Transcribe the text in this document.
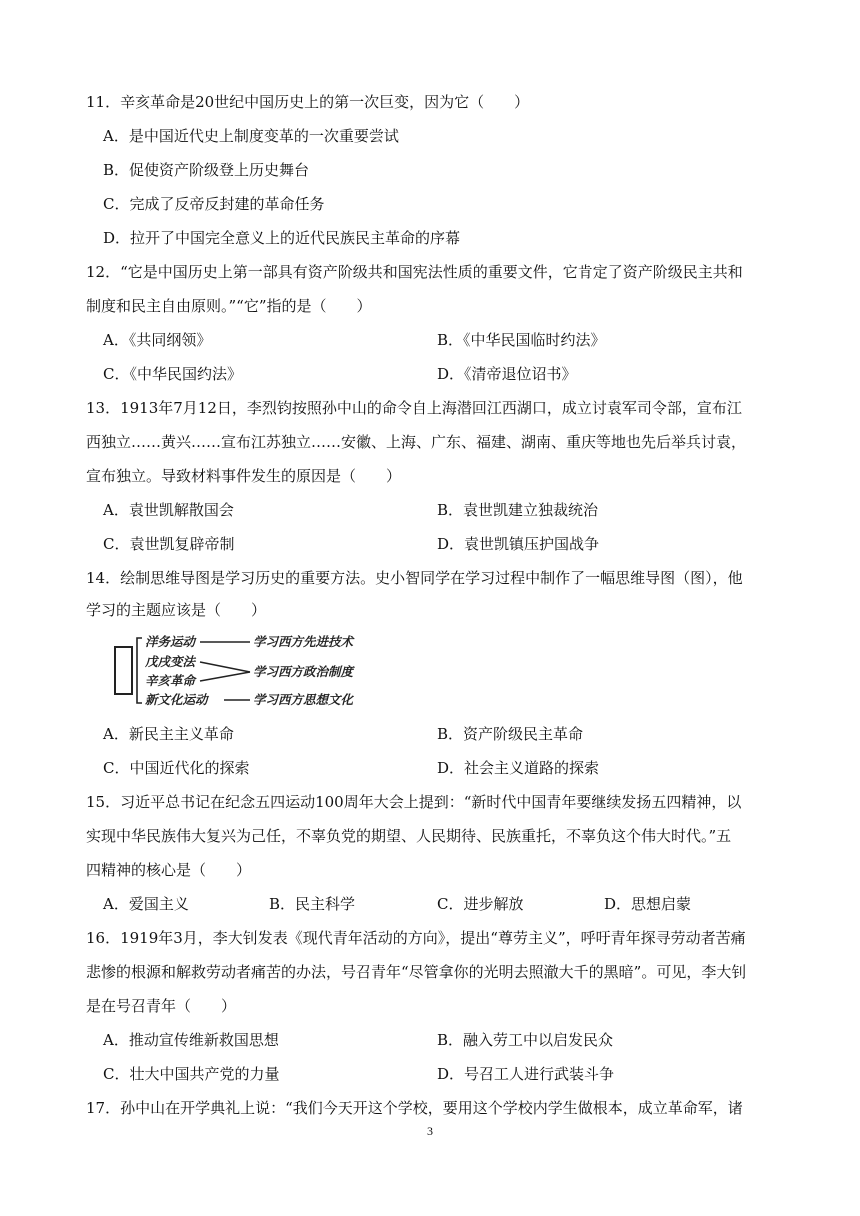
11．辛亥革命是20世纪中国历史上的第一次巨变，因为它（　　）
A．是中国近代史上制度变革的一次重要尝试
B．促使资产阶级登上历史舞台
C．完成了反帝反封建的革命任务
D．拉开了中国完全意义上的近代民族民主革命的序幕
12．“它是中国历史上第一部具有资产阶级共和国宪法性质的重要文件，它肯定了资产阶级民主共和
制度和民主自由原则。”“它”指的是（　　）
A．《共同纲领》	B．《中华民国临时约法》
C．《中华民国约法》	D．《清帝退位诏书》
13．1913年7月12日，李烈钧按照孙中山的命令自上海潜回江西湖口，成立讨袁军司令部，宣布江
西独立……黄兴……宣布江苏独立……安徽、上海、广东、福建、湖南、重庆等地也先后举兵讨袁，
宣布独立。导致材料事件发生的原因是（　　）
A．袁世凯解散国会	B．袁世凯建立独裁统治
C．袁世凯复辟帝制	D．袁世凯镇压护国战争
14．绘制思维导图是学习历史的重要方法。史小智同学在学习过程中制作了一幅思维导图（图），他
学习的主题应该是（　　）
洋务运动
戊戌变法
辛亥革命
新文化运动
学习西方先进技术
学习西方政治制度
学习西方思想文化
A．新民主主义革命	B．资产阶级民主革命
C．中国近代化的探索	D．社会主义道路的探索
15．习近平总书记在纪念五四运动100周年大会上提到：“新时代中国青年要继续发扬五四精神，以
实现中华民族伟大复兴为己任，不辜负党的期望、人民期待、民族重托，不辜负这个伟大时代。”五
四精神的核心是（　　）
A．爱国主义	B．民主科学	C．进步解放	D．思想启蒙
16．1919年3月，李大钊发表《现代青年活动的方向》，提出“尊劳主义”，呼吁青年探寻劳动者苦痛
悲惨的根源和解救劳动者痛苦的办法，号召青年“尽管拿你的光明去照澈大千的黑暗”。可见，李大钊
是在号召青年（　　）
A．推动宣传维新救国思想	B．融入劳工中以启发民众
C．壮大中国共产党的力量	D．号召工人进行武装斗争
17．孙中山在开学典礼上说：“我们今天开这个学校，要用这个学校内学生做根本，成立革命军，诸
3
